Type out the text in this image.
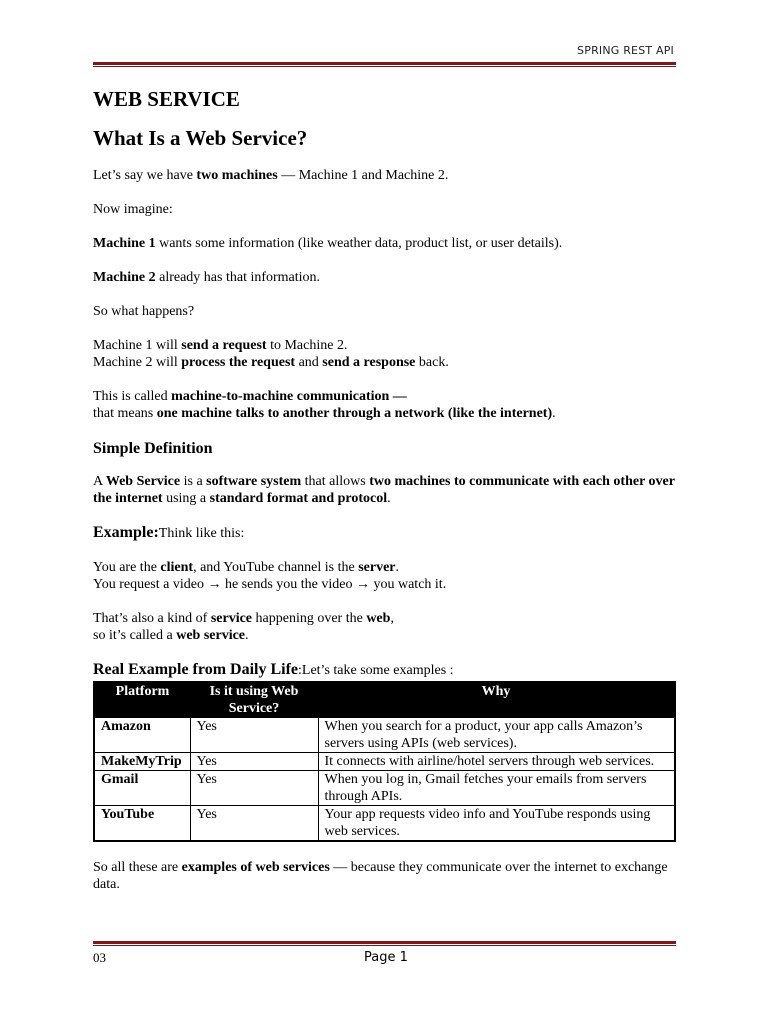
SPRING REST API
WEB SERVICE
What Is a Web Service?

Let’s say we have two machines — Machine 1 and Machine 2.

Now imagine:

Machine 1 wants some information (like weather data, product list, or user details).

Machine 2 already has that information.

So what happens?

Machine 1 will send a request to Machine 2.
Machine 2 will process the request and send a response back.

This is called machine-to-machine communication —
that means one machine talks to another through a network (like the internet).

Simple Definition

A Web Service is a software system that allows two machines to communicate with each other over the internet using a standard format and protocol.

Example:Think like this:

You are the client, and YouTube channel is the server.
You request a video → he sends you the video → you watch it.

That’s also a kind of service happening over the web,
so it’s called a web service.

Real Example from Daily Life:Let’s take some examples :
Platform	Is it using Web Service?	Why
Amazon	Yes	When you search for a product, your app calls Amazon’s servers using APIs (web services).
MakeMyTrip	Yes	It connects with airline/hotel servers through web services.
Gmail	Yes	When you log in, Gmail fetches your emails from servers through APIs.
YouTube	Yes	Your app requests video info and YouTube responds using web services.

So all these are examples of web services — because they communicate over the internet to exchange data.

03	Page 1
